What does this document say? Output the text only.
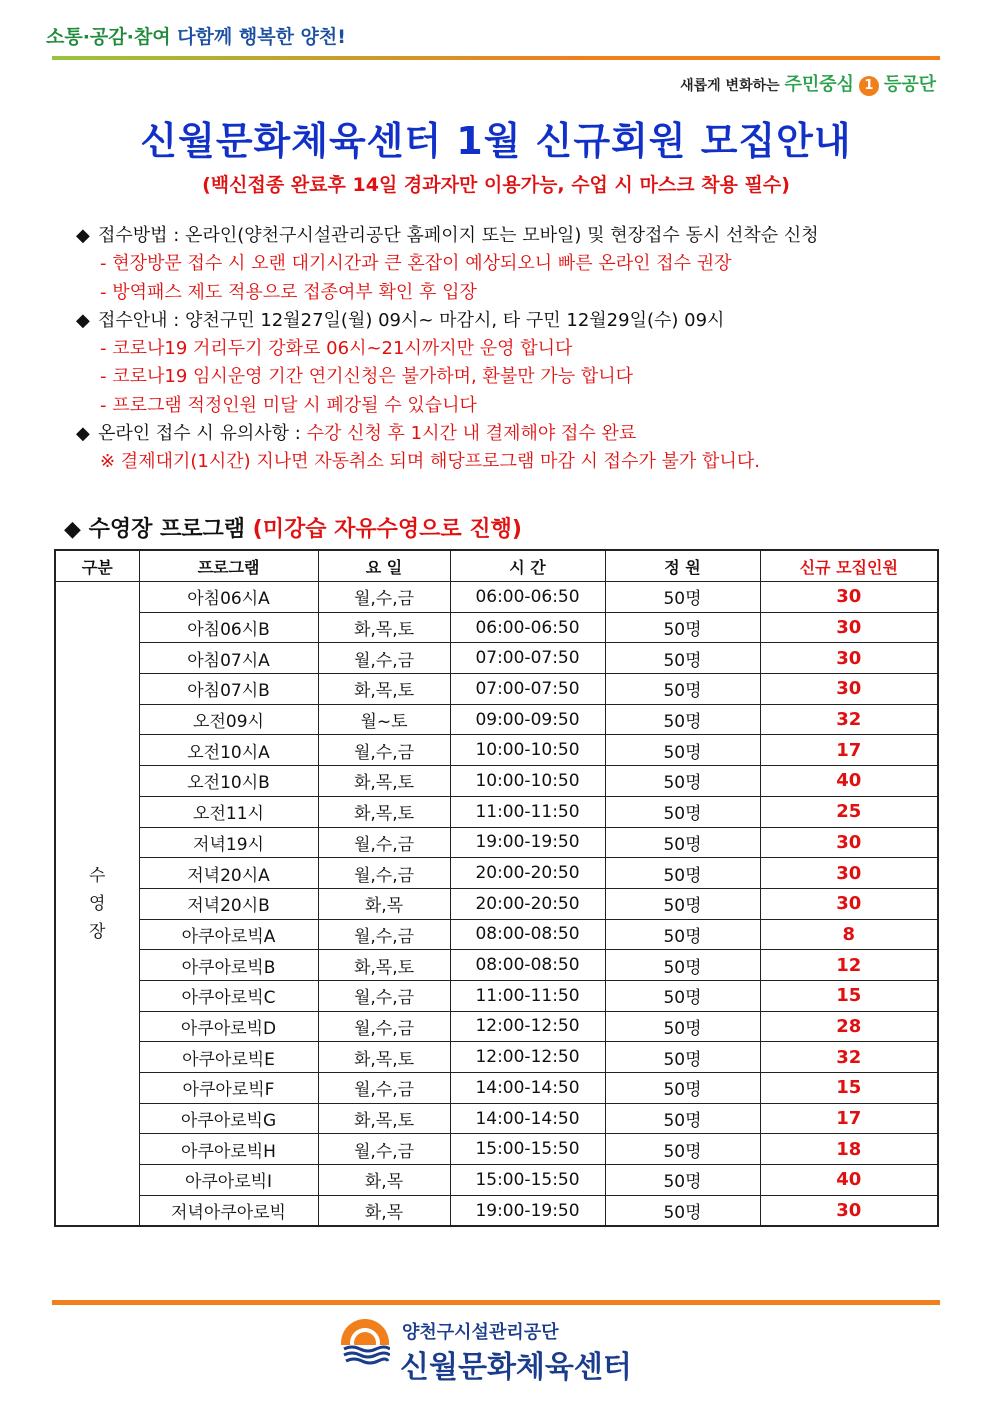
소통·공감·참여 다함께 행복한 양천!
새롭게 변화하는 주민중심 1 등공단
신월문화체육센터 1월 신규회원 모집안내
(백신접종 완료후 14일 경과자만 이용가능, 수업 시 마스크 착용 필수)
◆ 접수방법 : 온라인(양천구시설관리공단 홈페이지 또는 모바일) 및 현장접수 동시 선착순 신청
- 현장방문 접수 시 오랜 대기시간과 큰 혼잡이 예상되오니 빠른 온라인 접수 권장
- 방역패스 제도 적용으로 접종여부 확인 후 입장
◆ 접수안내 : 양천구민 12월27일(월) 09시~ 마감시, 타 구민 12월29일(수) 09시
- 코로나19 거리두기 강화로 06시~21시까지만 운영 합니다
- 코로나19 임시운영 기간 연기신청은 불가하며, 환불만 가능 합니다
- 프로그램 적정인원 미달 시 폐강될 수 있습니다
◆ 온라인 접수 시 유의사항 : 수강 신청 후 1시간 내 결제해야 접수 완료
※ 결제대기(1시간) 지나면 자동취소 되며 해당프로그램 마감 시 접수가 불가 합니다.
◆ 수영장 프로그램 (미강습 자유수영으로 진행)
구분	프로그램	요 일	시 간	정 원	신규 모집인원

수
영
장	아침06시A	월,수,금	06:00-06:50	50명	30
	아침06시B	화,목,토	06:00-06:50	50명	30
	아침07시A	월,수,금	07:00-07:50	50명	30
	아침07시B	화,목,토	07:00-07:50	50명	30
	오전09시	월~토	09:00-09:50	50명	32
	오전10시A	월,수,금	10:00-10:50	50명	17
	오전10시B	화,목,토	10:00-10:50	50명	40
	오전11시	화,목,토	11:00-11:50	50명	25
	저녁19시	월,수,금	19:00-19:50	50명	30
	저녁20시A	월,수,금	20:00-20:50	50명	30
	저녁20시B	화,목	20:00-20:50	50명	30
	아쿠아로빅A	월,수,금	08:00-08:50	50명	8
	아쿠아로빅B	화,목,토	08:00-08:50	50명	12
	아쿠아로빅C	월,수,금	11:00-11:50	50명	15
	아쿠아로빅D	월,수,금	12:00-12:50	50명	28
	아쿠아로빅E	화,목,토	12:00-12:50	50명	32
	아쿠아로빅F	월,수,금	14:00-14:50	50명	15
	아쿠아로빅G	화,목,토	14:00-14:50	50명	17
	아쿠아로빅H	월,수,금	15:00-15:50	50명	18
	아쿠아로빅I	화,목	15:00-15:50	50명	40
	저녁아쿠아로빅	화,목	19:00-19:50	50명	30
양천구시설관리공단
신월문화체육센터
